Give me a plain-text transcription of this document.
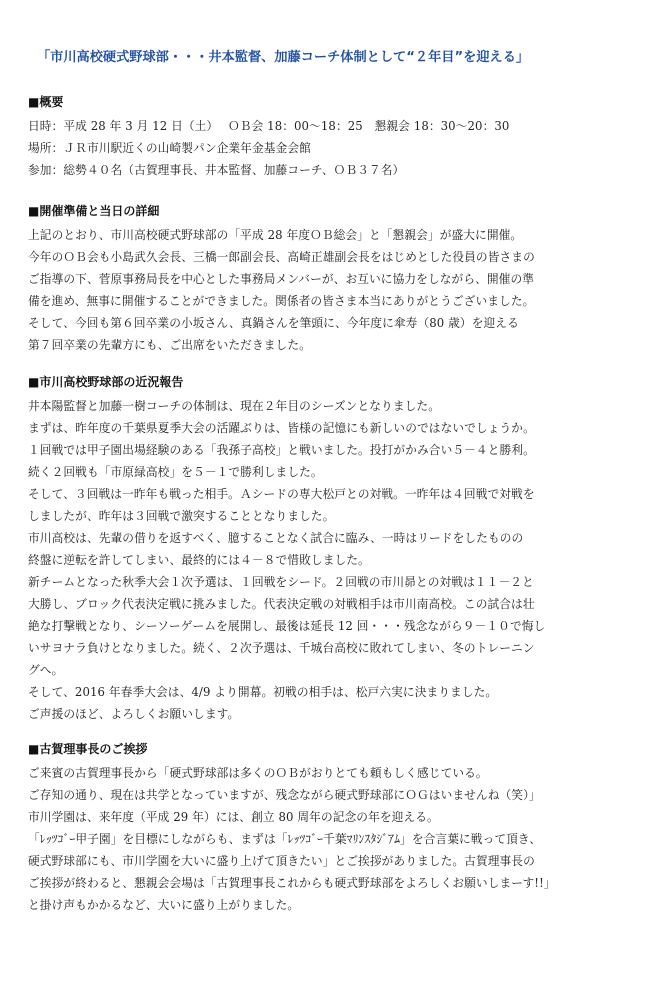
「市川高校硬式野球部・・・井本監督、加藤コーチ体制として“２年目”を迎える」
■概要
日時：平成 28 年 3 月 12 日（土）　 ＯＢ会 18：00～18：25　懇親会 18：30～20：30
場所：ＪＲ市川駅近くの山崎製パン企業年金基金会館
参加：総勢４０名（古賀理事長、井本監督、加藤コーチ、ＯＢ３７名）
■開催準備と当日の詳細
上記のとおり、市川高校硬式野球部の「平成 28 年度ＯＢ総会」と「懇親会」が盛大に開催。
今年のＯＢ会も小島武久会長、三橋一郎副会長、高崎正雄副会長をはじめとした役員の皆さまの
ご指導の下、菅原事務局長を中心とした事務局メンバーが、お互いに協力をしながら、開催の準
備を進め、無事に開催することができました。関係者の皆さま本当にありがとうございました。
そして、今回も第６回卒業の小坂さん、真鍋さんを筆頭に、今年度に傘寿（80 歳）を迎える
第７回卒業の先輩方にも、ご出席をいただきました。
■市川高校野球部の近況報告
井本陽監督と加藤一樹コーチの体制は、現在２年目のシーズンとなりました。
まずは、昨年度の千葉県夏季大会の活躍ぶりは、皆様の記憶にも新しいのではないでしょうか。
１回戦では甲子園出場経験のある「我孫子高校」と戦いました。投打がかみ合い５－４と勝利。
続く２回戦も「市原緑高校」を５－１で勝利しました。
そして、３回戦は一昨年も戦った相手。Ａシードの専大松戸との対戦。一昨年は４回戦で対戦を
しましたが、昨年は３回戦で激突することとなりました。
市川高校は、先輩の借りを返すべく、臆することなく試合に臨み、一時はリードをしたものの
終盤に逆転を許してしまい、最終的には４－８で惜敗しました。
新チームとなった秋季大会１次予選は、１回戦をシード。２回戦の市川昴との対戦は１１－２と
大勝し、ブロック代表決定戦に挑みました。代表決定戦の対戦相手は市川南高校。この試合は壮
絶な打撃戦となり、シーソーゲームを展開し、最後は延長 12 回・・・残念ながら９－１０で悔し
いサヨナラ負けとなりました。続く、２次予選は、千城台高校に敗れてしまい、冬のトレーニン
グへ。
そして、2016 年春季大会は、4/9 より開幕。初戦の相手は、松戸六実に決まりました。
ご声援のほど、よろしくお願いします。
■古賀理事長のご挨拶
ご来賓の古賀理事長から「硬式野球部は多くのＯＢがおりとても頼もしく感じている。
ご存知の通り、現在は共学となっていますが、残念ながら硬式野球部にＯＧはいませんね（笑）」
市川学園は、来年度（平成 29 年）には、創立 80 周年の記念の年を迎える。
「ﾚｯﾂｺﾞｰ甲子園」を目標にしながらも、まずは「ﾚｯﾂｺﾞｰ千葉ﾏﾘﾝｽﾀｼﾞｱﾑ」を合言葉に戦って頂き、
硬式野球部にも、市川学園を大いに盛り上げて頂きたい」とご挨拶がありました。古賀理事長の
ご挨拶が終わると、懇親会会場は「古賀理事長これからも硬式野球部をよろしくお願いしまーす!!」
と掛け声もかかるなど、大いに盛り上がりました。
